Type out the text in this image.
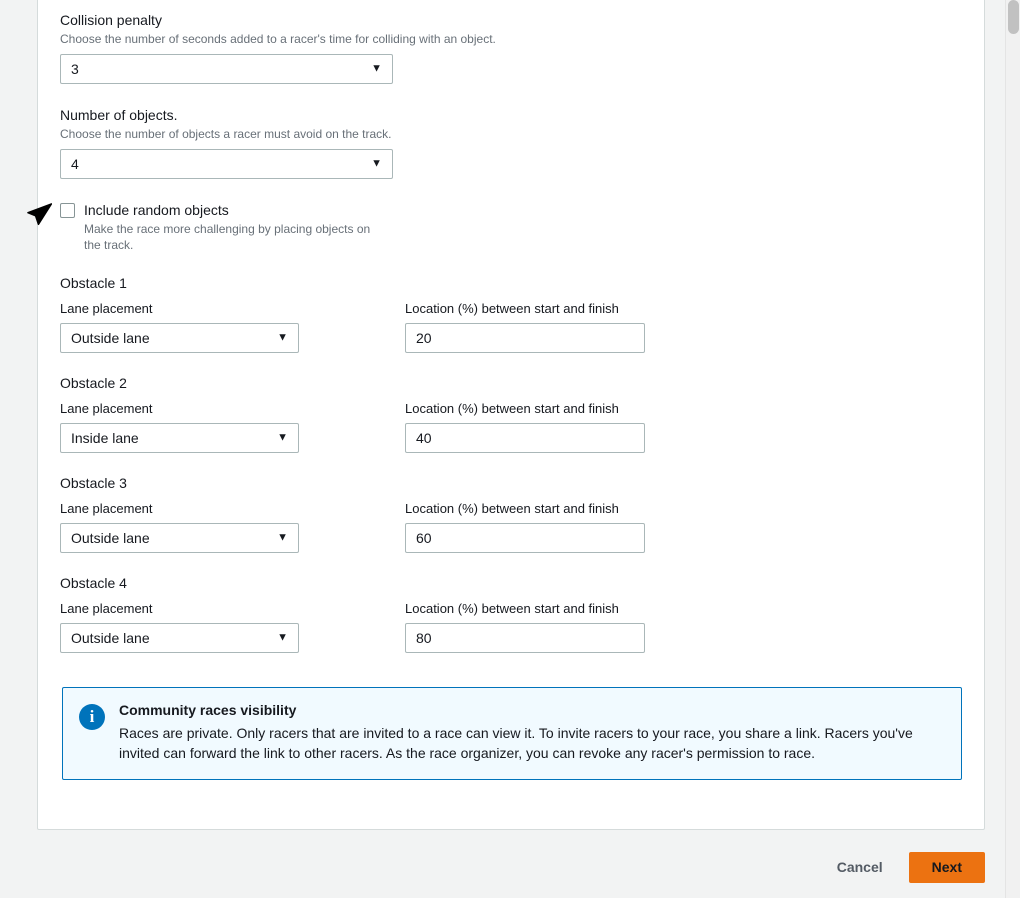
Collision penalty
Choose the number of seconds added to a racer's time for colliding with an object.
3	▼
Number of objects.
Choose the number of objects a racer must avoid on the track.
4	▼
Include random objects
Make the race more challenging by placing objects on the track.
Obstacle 1
Lane placement
Outside lane	▼
Location (%) between start and finish
20
Obstacle 2
Lane placement
Inside lane	▼
Location (%) between start and finish
40
Obstacle 3
Lane placement
Outside lane	▼
Location (%) between start and finish
60
Obstacle 4
Lane placement
Outside lane	▼
Location (%) between start and finish
80
i	Community races visibility
Races are private. Only racers that are invited to a race can view it. To invite racers to your race, you share a link. Racers you've invited can forward the link to other racers. As the race organizer, you can revoke any racer's permission to race.
Cancel	Next
